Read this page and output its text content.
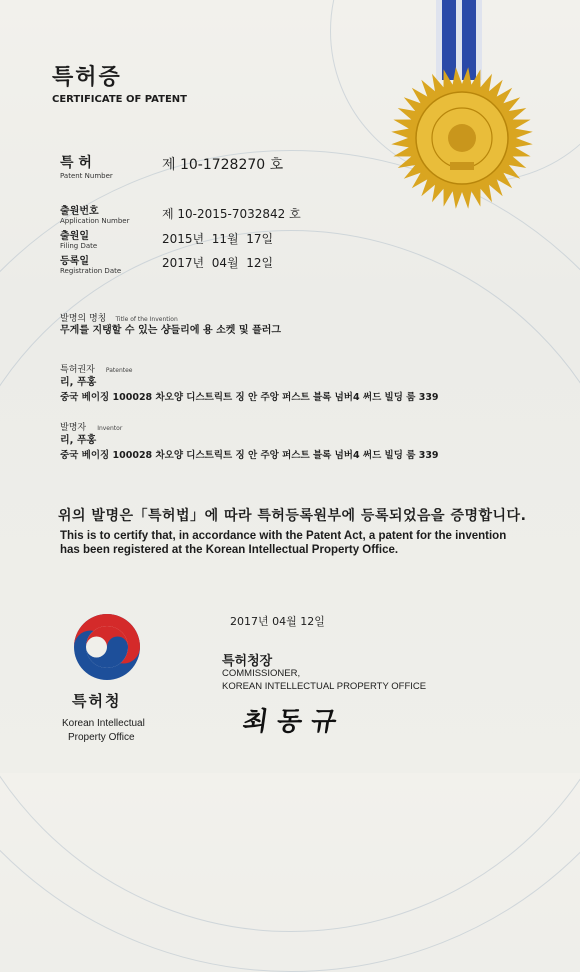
특허증
CERTIFICATE OF PATENT
특 허
Patent Number
제 10-1728270 호
출원번호
Application Number	제 10-2015-7032842 호
출원일
Filing Date	2015년  11월  17일
등록일
Registration Date
2017년  04월  12일
발명의 명칭 Title of the Invention
무게를 지탱할 수 있는 샹들리에 용 소켓 및 플러그
특허권자 Patentee
리, 푸홍
중국 베이징 100028 차오양 디스트릭트 징 안 주앙 퍼스트 블록 넘버4 써드 빌딩 룸 339
발명자 Inventor
리, 푸홍
중국 베이징 100028 차오양 디스트릭트 징 안 주앙 퍼스트 블록 넘버4 써드 빌딩 룸 339
위의 발명은「특허법」에 따라 특허등록원부에 등록되었음을 증명합니다.
This is to certify that, in accordance with the Patent Act, a patent for the invention
has been registered at the Korean Intellectual Property Office.
특허청
Korean Intellectual
Property Office
2017년 04월 12일
특허청장
COMMISSIONER,
KOREAN INTELLECTUAL PROPERTY OFFICE
최 동 규
